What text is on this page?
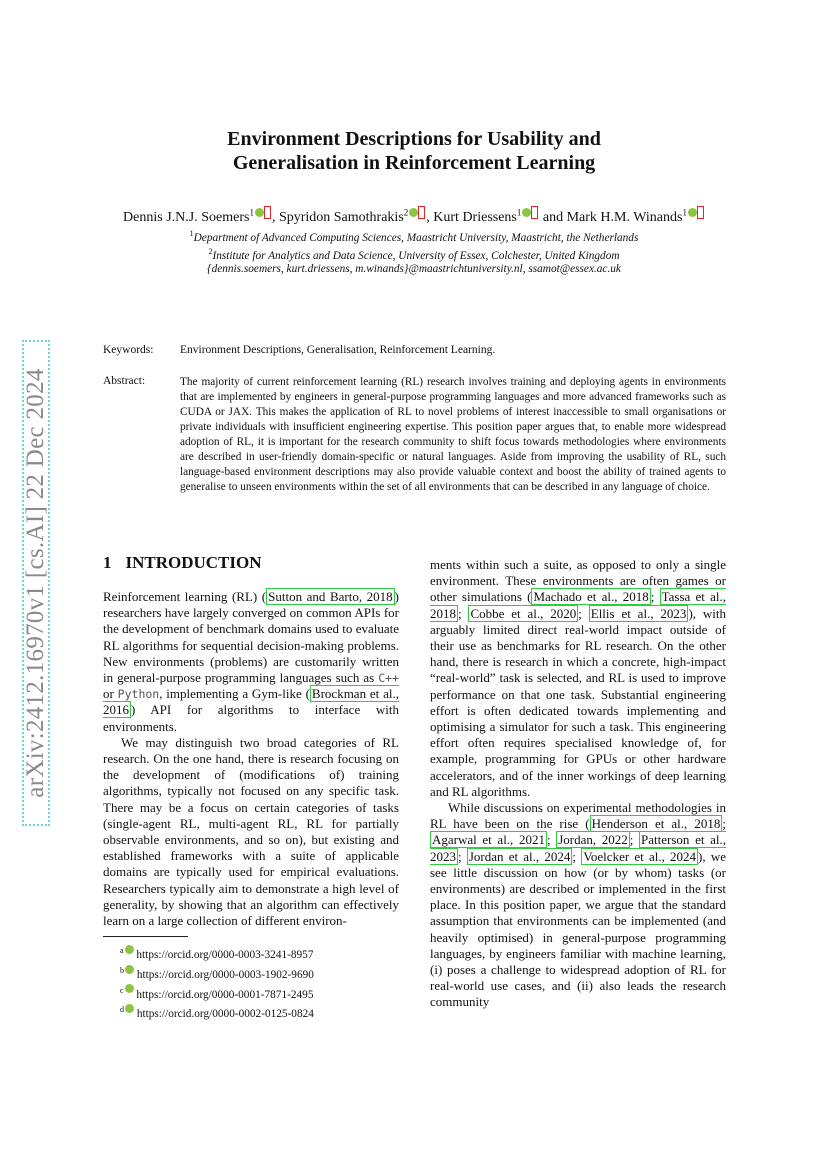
arXiv:2412.16970v1 [cs.AI] 22 Dec 2024
Environment Descriptions for Usability and
Generalisation in Reinforcement Learning
Dennis J.N.J. Soemers$^1$ , Spyridon Samothrakis$^2$ , Kurt Driessens$^1$ and Mark H.M. Winands$^1$
$^1$Department of Advanced Computing Sciences, Maastricht University, Maastricht, the Netherlands
$^2$Institute for Analytics and Data Science, University of Essex, Colchester, United Kingdom
{dennis.soemers, kurt.driessens, m.winands}@maastrichtuniversity.nl, ssamot@essex.ac.uk
Keywords: Environment Descriptions, Generalisation, Reinforcement Learning.
Abstract:	The majority of current reinforcement learning (RL) research involves training and deploying agents in environments that are implemented by engineers in general-purpose programming languages and more advanced frameworks such as CUDA or JAX. This makes the application of RL to novel problems of interest inaccessible to small organisations or private individuals with insufficient engineering expertise. This position paper argues that, to enable more widespread adoption of RL, it is important for the research community to shift focus towards methodologies where environments are described in user-friendly domain-specific or natural languages. Aside from improving the usability of RL, such language-based environment descriptions may also provide valuable context and boost the ability of trained agents to generalise to unseen environments within the set of all environments that can be described in any language of choice.
1 INTRODUCTION

Reinforcement learning (RL) ( Sutton and Barto, 2018 ) researchers have largely converged on common APIs for the development of benchmark domains used to evaluate RL algorithms for sequential decision-making problems. New environments (problems) are customarily written in general-purpose programming languages such as C++ or Python, implementing a Gym-like ( Brockman et al., 2016 ) API for algorithms to interface with environments.

We may distinguish two broad categories of RL research. On the one hand, there is research focusing on the development of (modifications of) training algorithms, typically not focused on any specific task. There may be a focus on certain categories of tasks (single-agent RL, multi-agent RL, RL for partially observable environments, and so on), but existing and established frameworks with a suite of applicable domains are typically used for empirical evaluations. Researchers typically aim to demonstrate a high level of generality, by showing that an algorithm can effectively learn on a large collection of different environ-

ments within such a suite, as opposed to only a single environment. These environments are often games or other simulations ( Machado et al., 2018 ; Tassa et al., 2018 ; Cobbe et al., 2020 ; Ellis et al., 2023 ), with arguably limited direct real-world impact outside of their use as benchmarks for RL research. On the other hand, there is research in which a concrete, high-impact “real-world” task is selected, and RL is used to improve performance on that one task. Substantial engineering effort is often dedicated towards implementing and optimising a simulator for such a task. This engineering effort often requires specialised knowledge of, for example, programming for GPUs or other hardware accelerators, and of the inner workings of deep learning and RL algorithms.

While discussions on experimental methodologies in RL have been on the rise ( Henderson et al., 2018 ; Agarwal et al., 2021 ; Jordan, 2022 ; Patterson et al., 2023 ; Jordan et al., 2024 ; Voelcker et al., 2024 ), we see little discussion on how (or by whom) tasks (or environments) are described or implemented in the first place. In this position paper, we argue that the standard assumption that environments can be implemented (and heavily optimised) in general-purpose programming languages, by engineers familiar with machine learning, (i) poses a challenge to widespread adoption of RL for real-world use cases, and (ii) also leads the research community

$^a$ https://orcid.org/0000-0003-3241-8957
$^b$ https://orcid.org/0000-0003-1902-9690
$^c$ https://orcid.org/0000-0001-7871-2495
$^d$ https://orcid.org/0000-0002-0125-0824
